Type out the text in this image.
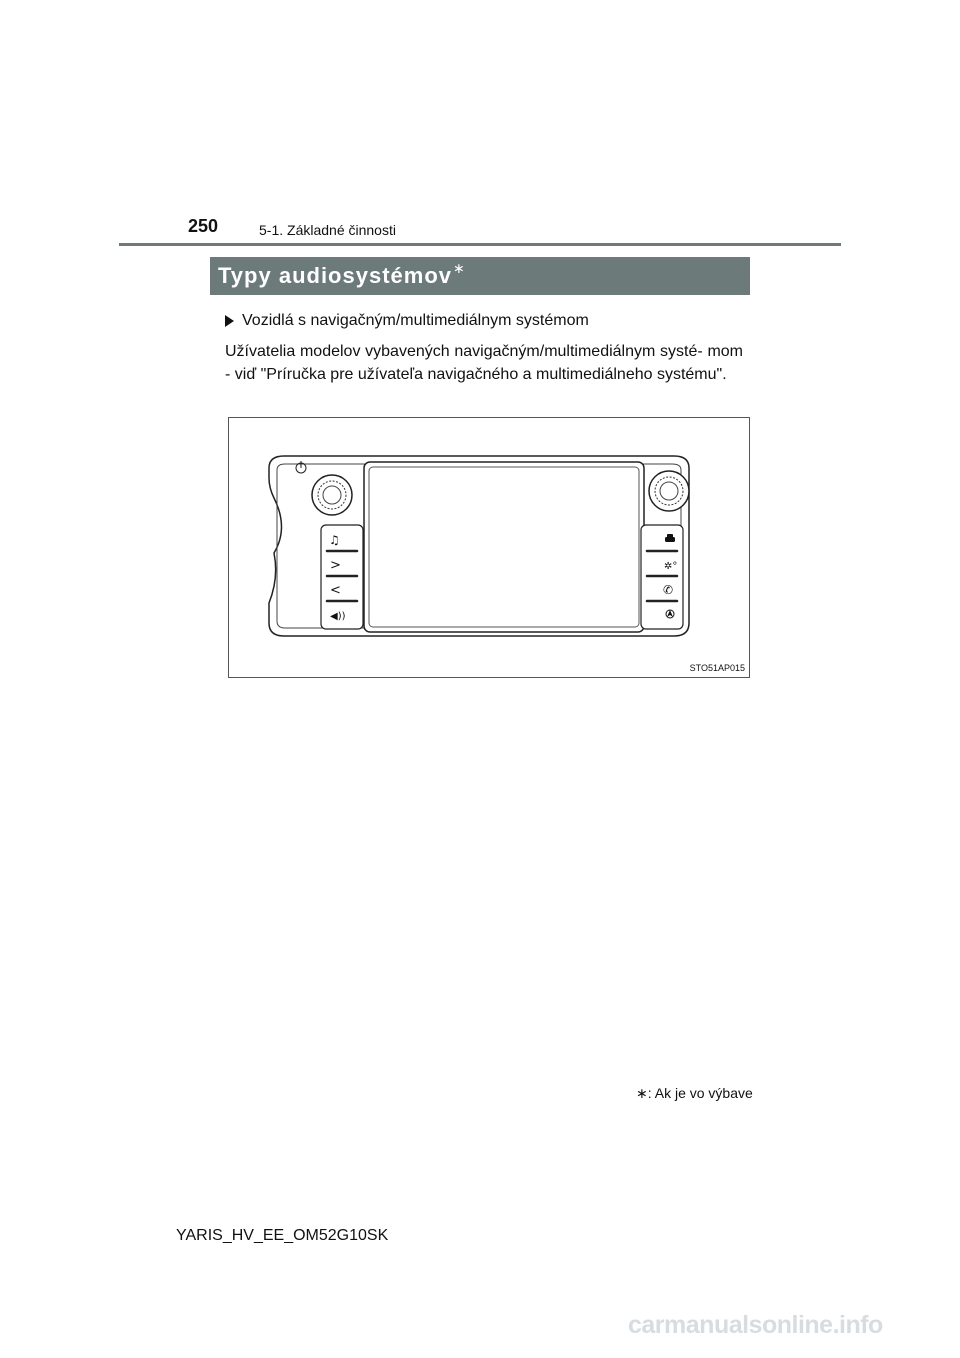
250	5-1. Základné činnosti
Typy audiosystémov ∗
Vozidlá s navigačným/multimediálnym systémom

Užívatelia modelov vybavených navigačným/multimediálnym systé- mom - viď "Príručka pre užívateľa navigačného a multimediálneho systému".

♫
>
<
◀))
✲°
✆
STO51AP015
∗: Ak je vo výbave
YARIS_HV_EE_OM52G10SK
carmanualsonline.info
